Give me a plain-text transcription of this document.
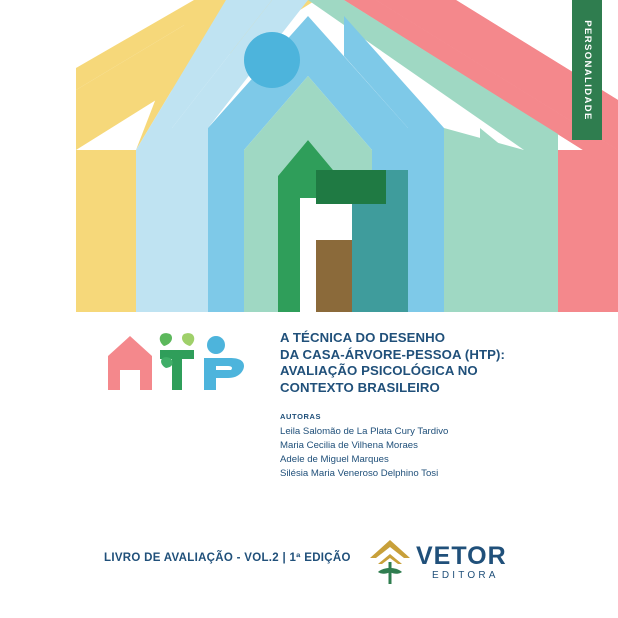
PERSONALIDADE
A TÉCNICA DO DESENHO
DA CASA-ÁRVORE-PESSOA (HTP):
AVALIAÇÃO PSICOLÓGICA NO
CONTEXTO BRASILEIRO
AUTORAS
Leila Salomão de La Plata Cury Tardivo
Maria Cecilia de Vilhena Moraes
Adele de Miguel Marques
Silésia Maria Veneroso Delphino Tosi
LIVRO DE AVALIAÇÃO - VOL.2 | 1ª EDIÇÃO	VETOR
EDITORA
